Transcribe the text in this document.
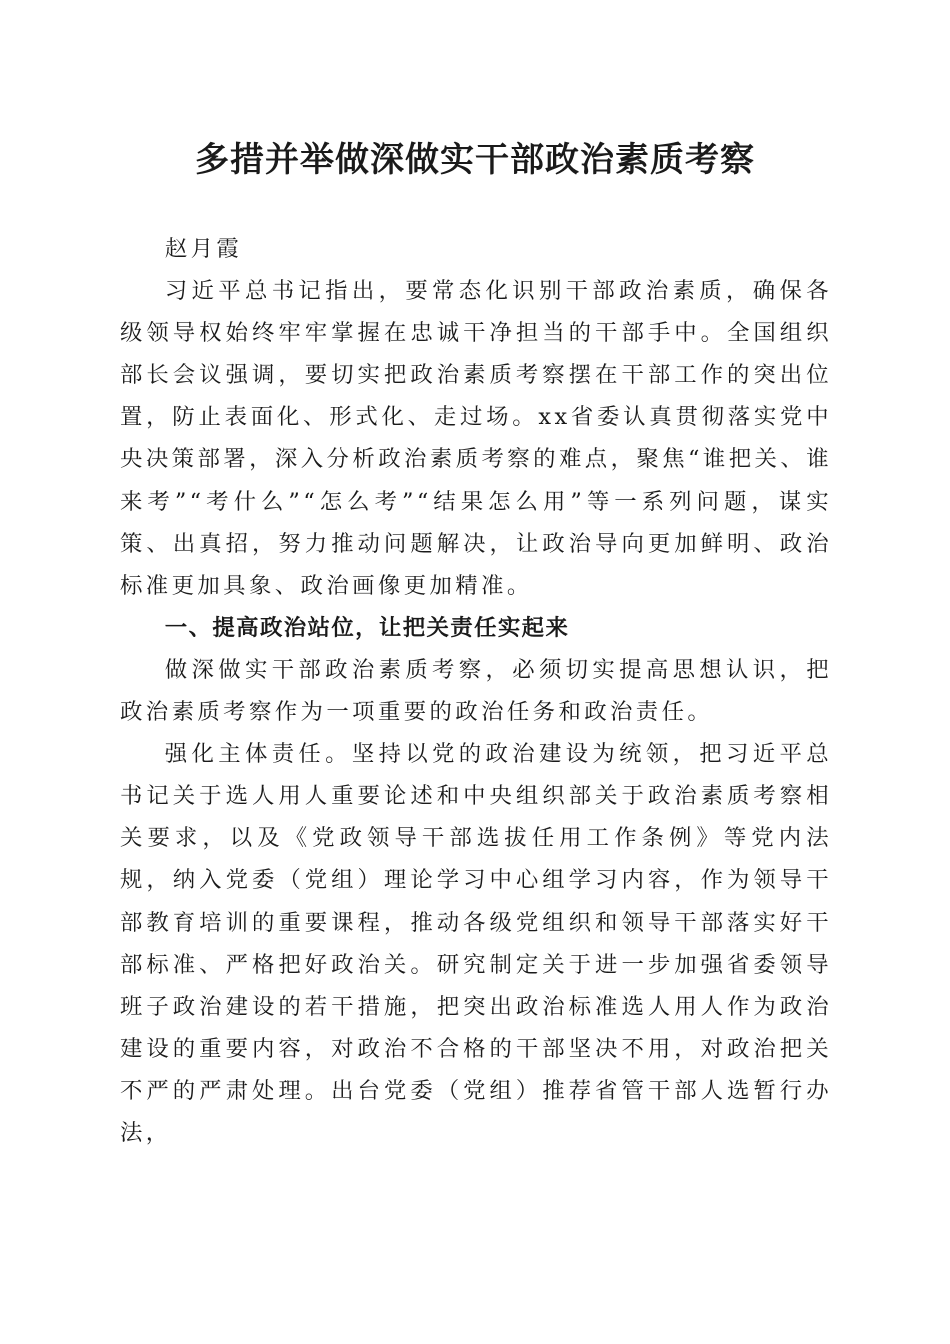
多措并举做深做实干部政治素质考察

赵月霞

习近平总书记指出，要常态化识别干部政治素质，确保各级领导权始终牢牢掌握在忠诚干净担当的干部手中。全国组织部长会议强调，要切实把政治素质考察摆在干部工作的突出位置，防止表面化、形式化、走过场。xx省委认真贯彻落实党中央决策部署，深入分析政治素质考察的难点，聚焦“谁把关、谁来考”“考什么”“怎么考”“结果怎么用”等一系列问题，谋实策、出真招，努力推动问题解决，让政治导向更加鲜明、政治标准更加具象、政治画像更加精准。

一、提高政治站位，让把关责任实起来

做深做实干部政治素质考察，必须切实提高思想认识，把政治素质考察作为一项重要的政治任务和政治责任。

强化主体责任。坚持以党的政治建设为统领，把习近平总书记关于选人用人重要论述和中央组织部关于政治素质考察相关要求，以及《党政领导干部选拔任用工作条例》等党内法规，纳入党委（党组）理论学习中心组学习内容，作为领导干部教育培训的重要课程，推动各级党组织和领导干部落实好干部标准、严格把好政治关。研究制定关于进一步加强省委领导班子政治建设的若干措施，把突出政治标准选人用人作为政治建设的重要内容，对政治不合格的干部坚决不用，对政治把关不严的严肃处理。出台党委（党组）推荐省管干部人选暂行办法，
